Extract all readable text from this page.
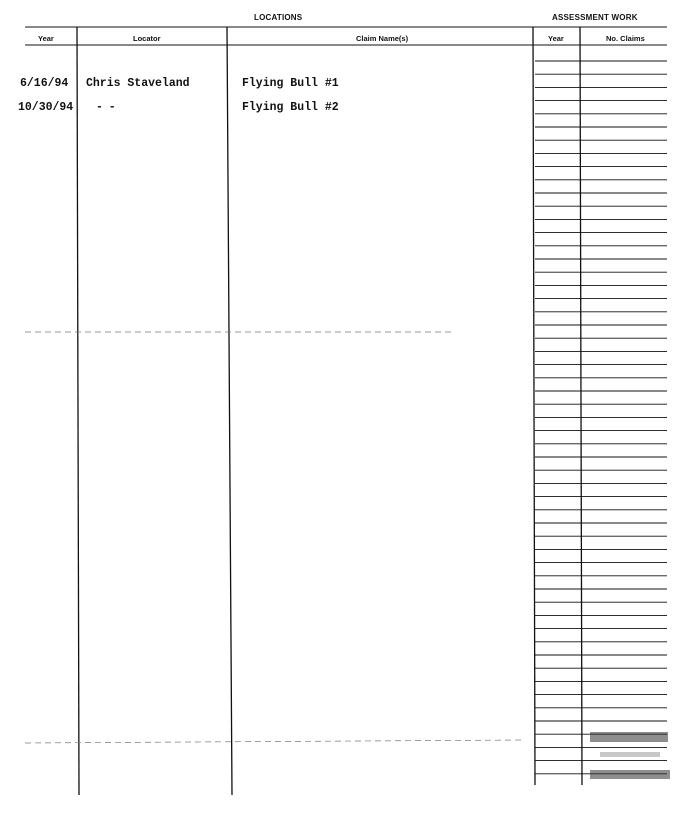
LOCATIONS	ASSESSMENT WORK
Year	Locator	Claim Name(s)	Year	No. Claims
6/16/94 Chris Staveland	Flying Bull #1
10/30/94 - -	Flying Bull #2
